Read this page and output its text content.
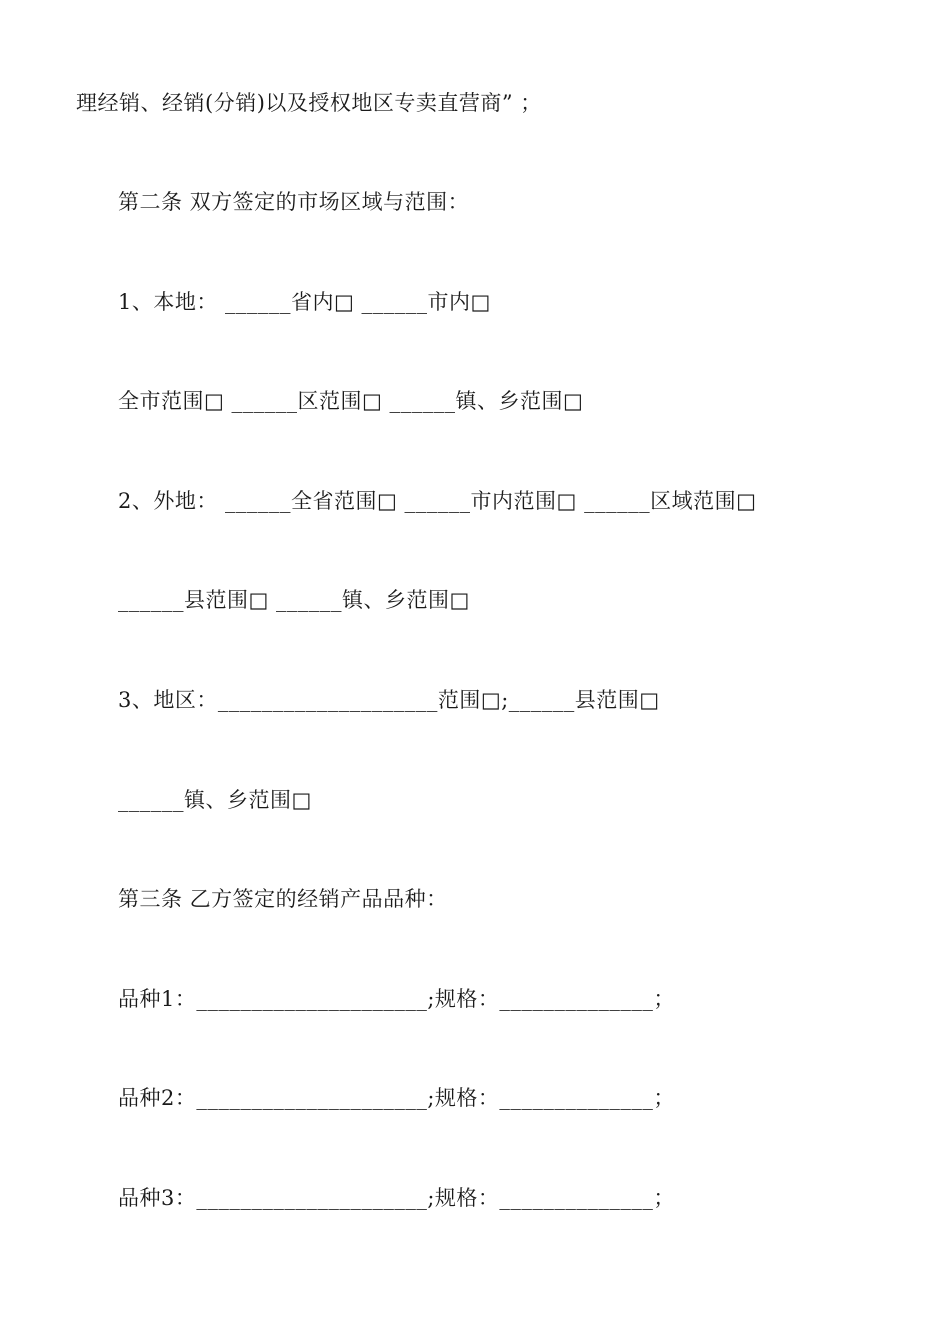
理经销、经销(分销)以及授权地区专卖直营商” ；
第二条 双方签定的市场区域与范围：
1、本地： ______省内□ ______市内□
全市范围□ ______区范围□ ______镇、乡范围□
2、外地： ______全省范围□ ______市内范围□ ______区域范围□
______县范围□ ______镇、乡范围□
3、地区：____________________范围□;______县范围□
______镇、乡范围□
第三条 乙方签定的经销产品品种：
品种1：_____________________;规格：______________；
品种2：_____________________;规格：______________；
品种3：_____________________;规格：______________；
